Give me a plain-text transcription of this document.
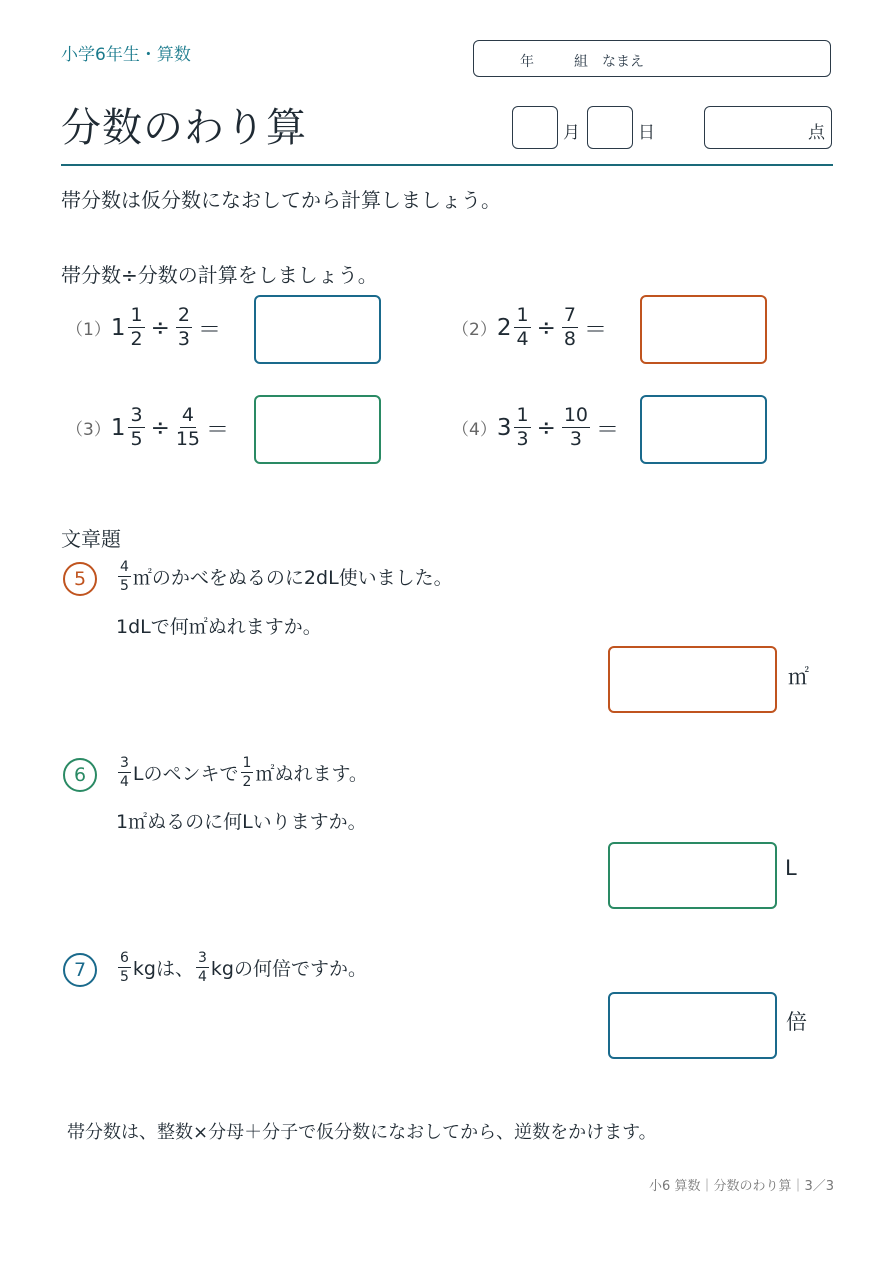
小学6年生・算数	年	組 なまえ
分数のわり算	月	日	点
帯分数は仮分数になおしてから計算しましょう。
帯分数÷分数の計算をしましょう。
（1） $1 \frac{1}{2} \div \frac{2}{3}$ ＝	（2） $2 \frac{1}{4} \div \frac{7}{8}$ ＝
（3） $1 \frac{3}{5} \div \frac{4}{15}$ ＝	（4） $3 \frac{1}{3} \div \frac{10}{3}$ ＝
文章題
5	$\frac{4}{5}$ ㎡のかべをぬるのに2dL使いました。
1dLで何㎡ぬれますか。
㎡
6	$\frac{3}{4}$ Lのペンキで $\frac{1}{2}$ ㎡ぬれます。
1㎡ぬるのに何Lいりますか。
L
7	$\frac{6}{5}$ kgは、 $\frac{3}{4}$ kgの何倍ですか。
倍
帯分数は、整数×分母＋分子で仮分数になおしてから、逆数をかけます。
小6 算数｜分数のわり算｜3／3
